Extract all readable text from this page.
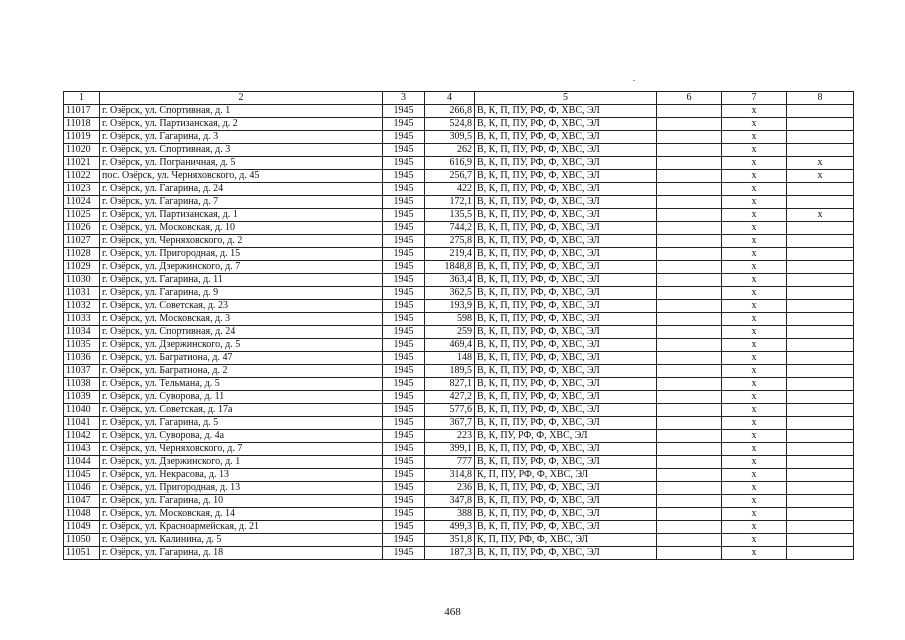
1	2	3	4	5	6	7	8
11017	г. Озёрск, ул. Спортивная, д. 1	1945	266,8	В, К, П, ПУ, РФ, Ф, ХВС, ЭЛ		х	
11018	г. Озёрск, ул. Партизанская, д. 2	1945	524,8	В, К, П, ПУ, РФ, Ф, ХВС, ЭЛ		х	
11019	г. Озёрск, ул. Гагарина, д. 3	1945	309,5	В, К, П, ПУ, РФ, Ф, ХВС, ЭЛ		х	
11020	г. Озёрск, ул. Спортивная, д. 3	1945	262	В, К, П, ПУ, РФ, Ф, ХВС, ЭЛ		х	
11021	г. Озёрск, ул. Пограничная, д. 5	1945	616,9	В, К, П, ПУ, РФ, Ф, ХВС, ЭЛ		х	х
11022	пос. Озёрск, ул. Черняховского, д. 45	1945	256,7	В, К, П, ПУ, РФ, Ф, ХВС, ЭЛ		х	х
11023	г. Озёрск, ул. Гагарина, д. 24	1945	422	В, К, П, ПУ, РФ, Ф, ХВС, ЭЛ		х	
11024	г. Озёрск, ул. Гагарина, д. 7	1945	172,1	В, К, П, ПУ, РФ, Ф, ХВС, ЭЛ		х	
11025	г. Озёрск, ул. Партизанская, д. 1	1945	135,5	В, К, П, ПУ, РФ, Ф, ХВС, ЭЛ		х	х
11026	г. Озёрск, ул. Московская, д. 10	1945	744,2	В, К, П, ПУ, РФ, Ф, ХВС, ЭЛ		х	
11027	г. Озёрск, ул. Черняховского, д. 2	1945	275,8	В, К, П, ПУ, РФ, Ф, ХВС, ЭЛ		х	
11028	г. Озёрск, ул. Пригородная, д. 15	1945	219,4	В, К, П, ПУ, РФ, Ф, ХВС, ЭЛ		х	
11029	г. Озёрск, ул. Дзержинского, д. 7	1945	1848,8	В, К, П, ПУ, РФ, Ф, ХВС, ЭЛ		х	
11030	г. Озёрск, ул. Гагарина, д. 11	1945	363,4	В, К, П, ПУ, РФ, Ф, ХВС, ЭЛ		х	
11031	г. Озёрск, ул. Гагарина, д. 9	1945	362,5	В, К, П, ПУ, РФ, Ф, ХВС, ЭЛ		х	
11032	г. Озёрск, ул. Советская, д. 23	1945	193,9	В, К, П, ПУ, РФ, Ф, ХВС, ЭЛ		х	
11033	г. Озёрск, ул. Московская, д. 3	1945	598	В, К, П, ПУ, РФ, Ф, ХВС, ЭЛ		х	
11034	г. Озёрск, ул. Спортивная, д. 24	1945	259	В, К, П, ПУ, РФ, Ф, ХВС, ЭЛ		х	
11035	г. Озёрск, ул. Дзержинского, д. 5	1945	469,4	В, К, П, ПУ, РФ, Ф, ХВС, ЭЛ		х	
11036	г. Озёрск, ул. Багратиона, д. 47	1945	148	В, К, П, ПУ, РФ, Ф, ХВС, ЭЛ		х	
11037	г. Озёрск, ул. Багратиона, д. 2	1945	189,5	В, К, П, ПУ, РФ, Ф, ХВС, ЭЛ		х	
11038	г. Озёрск, ул. Тельмана, д. 5	1945	827,1	В, К, П, ПУ, РФ, Ф, ХВС, ЭЛ		х	
11039	г. Озёрск, ул. Суворова, д. 11	1945	427,2	В, К, П, ПУ, РФ, Ф, ХВС, ЭЛ		х	
11040	г. Озёрск, ул. Советская, д. 17а	1945	577,6	В, К, П, ПУ, РФ, Ф, ХВС, ЭЛ		х	
11041	г. Озёрск, ул. Гагарина, д. 5	1945	367,7	В, К, П, ПУ, РФ, Ф, ХВС, ЭЛ		х	
11042	г. Озёрск, ул. Суворова, д. 4а	1945	223	В, К, ПУ, РФ, Ф, ХВС, ЭЛ		х	
11043	г. Озёрск, ул. Черняховского, д. 7	1945	399,1	В, К, П, ПУ, РФ, Ф, ХВС, ЭЛ		х	
11044	г. Озёрск, ул. Дзержинского, д. 1	1945	777	В, К, П, ПУ, РФ, Ф, ХВС, ЭЛ		х	
11045	г. Озёрск, ул. Некрасова, д. 13	1945	314,8	К, П, ПУ, РФ, Ф, ХВС, ЭЛ		х	
11046	г. Озёрск, ул. Пригородная, д. 13	1945	236	В, К, П, ПУ, РФ, Ф, ХВС, ЭЛ		х	
11047	г. Озёрск, ул. Гагарина, д. 10	1945	347,8	В, К, П, ПУ, РФ, Ф, ХВС, ЭЛ		х	
11048	г. Озёрск, ул. Московская, д. 14	1945	388	В, К, П, ПУ, РФ, Ф, ХВС, ЭЛ		х	
11049	г. Озёрск, ул. Красноармейская, д. 21	1945	499,3	В, К, П, ПУ, РФ, Ф, ХВС, ЭЛ		х	
11050	г. Озёрск, ул. Калинина, д. 5	1945	351,8	К, П, ПУ, РФ, Ф, ХВС, ЭЛ		х	
11051	г. Озёрск, ул. Гагарина, д. 18	1945	187,3	В, К, П, ПУ, РФ, Ф, ХВС, ЭЛ		х	
468
